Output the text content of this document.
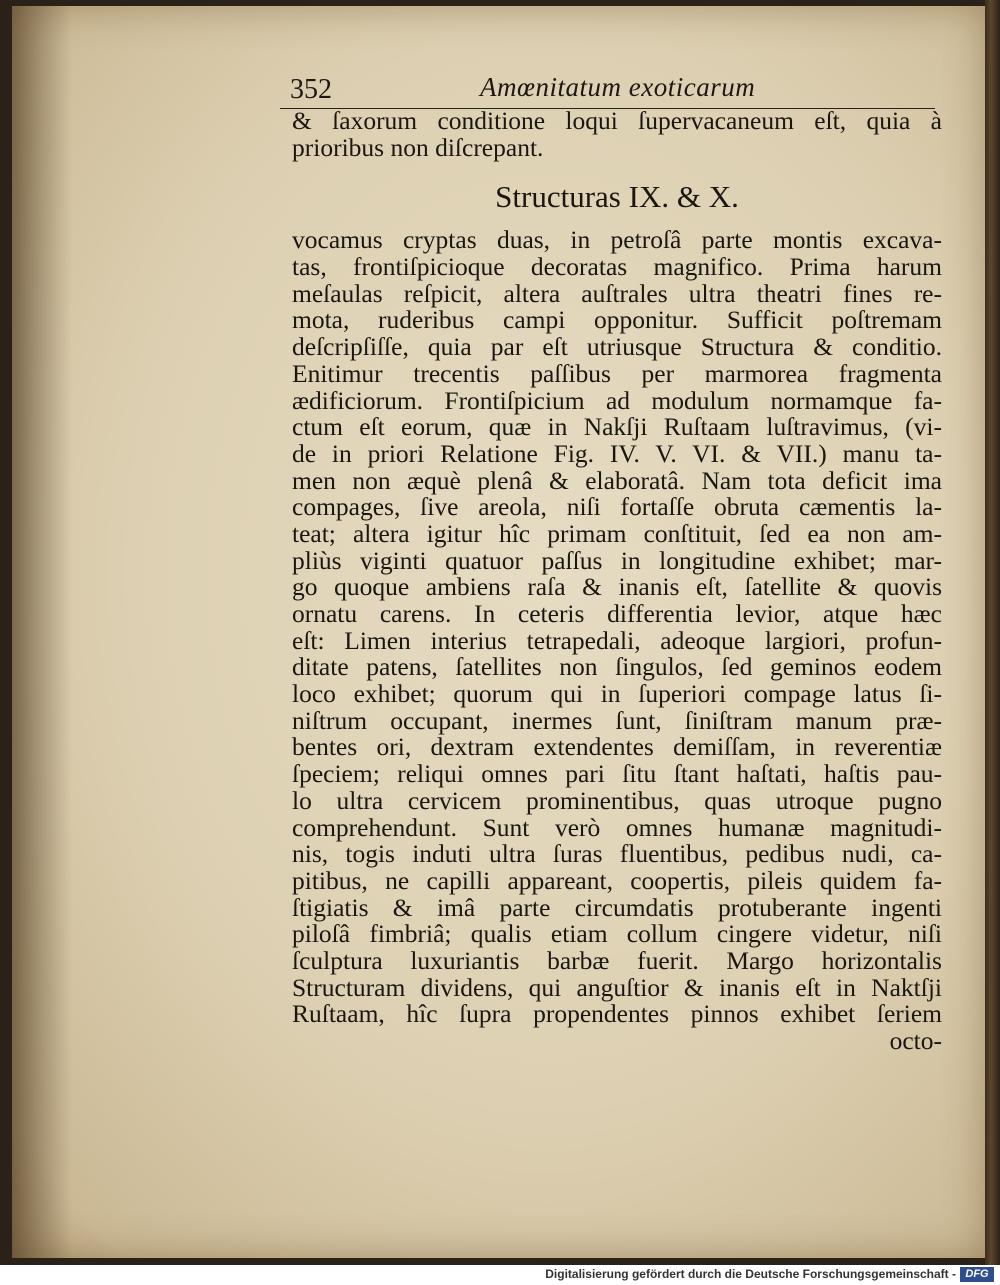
352	Amœnitatum exoticarum
& ſaxorum conditione loqui ſupervacaneum eſt, quia à
prioribus non diſcrepant.
Structuras IX. & X.
vocamus cryptas duas, in petroſâ parte montis excava-
tas, frontiſpicioque decoratas magnifico. Prima harum
meſaulas reſpicit, altera auſtrales ultra theatri fines re-
mota, ruderibus campi opponitur. Sufficit poſtremam
deſcripſiſſe, quia par eſt utriusque Structura & conditio.
Enitimur trecentis paſſibus per marmorea fragmenta
ædificiorum. Frontiſpicium ad modulum normamque fa-
ctum eſt eorum, quæ in Nakſji Ruſtaam luſtravimus, (vi-
de in priori Relatione Fig. IV. V. VI. & VII.) manu ta-
men non æquè plenâ & elaboratâ. Nam tota deficit ima
compages, ſive areola, niſi fortaſſe obruta cæmentis la-
teat; altera igitur hîc primam conſtituit, ſed ea non am-
pliùs viginti quatuor paſſus in longitudine exhibet; mar-
go quoque ambiens raſa & inanis eſt, ſatellite & quovis
ornatu carens. In ceteris differentia levior, atque hæc
eſt: Limen interius tetrapedali, adeoque largiori, profun-
ditate patens, ſatellites non ſingulos, ſed geminos eodem
loco exhibet; quorum qui in ſuperiori compage latus ſi-
niſtrum occupant, inermes ſunt, ſiniſtram manum præ-
bentes ori, dextram extendentes demiſſam, in reverentiæ
ſpeciem; reliqui omnes pari ſitu ſtant haſtati, haſtis pau-
lo ultra cervicem prominentibus, quas utroque pugno
comprehendunt. Sunt verò omnes humanæ magnitudi-
nis, togis induti ultra ſuras fluentibus, pedibus nudi, ca-
pitibus, ne capilli appareant, coopertis, pileis quidem fa-
ſtigiatis & imâ parte circumdatis protuberante ingenti
piloſâ fimbriâ; qualis etiam collum cingere videtur, niſi
ſculptura luxuriantis barbæ fuerit. Margo horizontalis
Structuram dividens, qui anguſtior & inanis eſt in Naktſji
Ruſtaam, hîc ſupra propendentes pinnos exhibet ſeriem
octo-
Digitalisierung gefördert durch die Deutsche Forschungsgemeinschaft - DFG
